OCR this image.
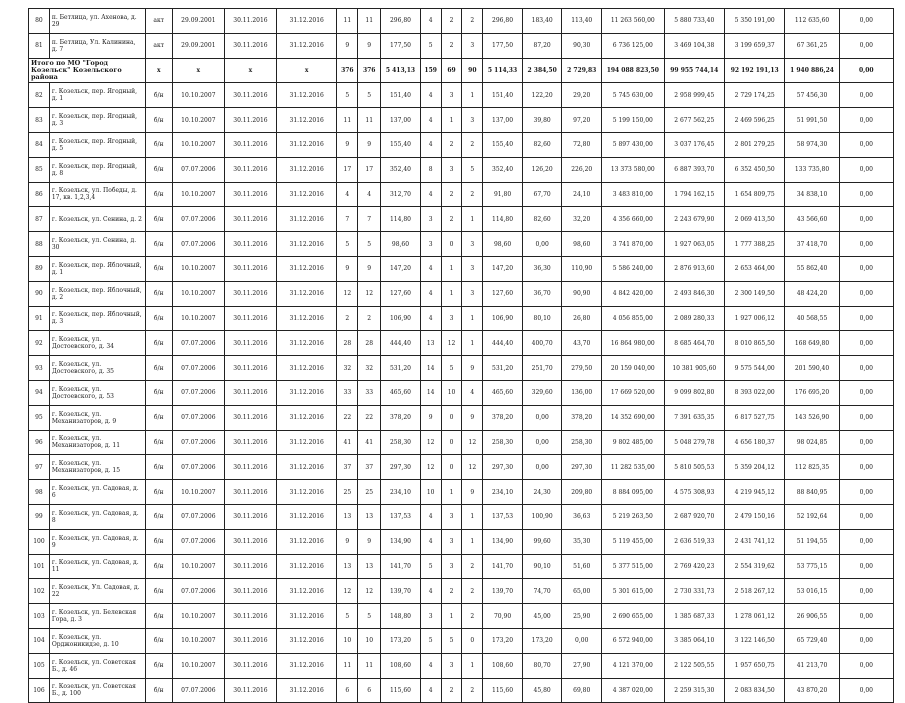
80	п. Бетлица, ул. Ахенова, д. 29	акт	29.09.2001	30.11.2016	31.12.2016	11	11	296,80	4	2	2	296,80	183,40	113,40	11 263 560,00	5 880 733,40	5 350 191,00	112 635,60	0,00
81	п. Бетлица, Ул. Калинина, д. 7	акт	29.09.2001	30.11.2016	31.12.2016	9	9	177,50	5	2	3	177,50	87,20	90,30	6 736 125,00	3 469 104,38	3 199 659,37	67 361,25	0,00
Итого по МО "Город Козельск" Козельского района		x	x	x	x	376	376	5 413,13	159	69	90	5 114,33	2 384,50	2 729,83	194 088 823,50	99 955 744,14	92 192 191,13	1 940 886,24	0,00
82	г. Козельск, пер. Ягодный, д. 1	б/н	10.10.2007	30.11.2016	31.12.2016	5	5	151,40	4	3	1	151,40	122,20	29,20	5 745 630,00	2 958 999,45	2 729 174,25	57 456,30	0,00
83	г. Козельск, пер. Ягодный, д. 3	б/н	10.10.2007	30.11.2016	31.12.2016	11	11	137,00	4	1	3	137,00	39,80	97,20	5 199 150,00	2 677 562,25	2 469 596,25	51 991,50	0,00
84	г. Козельск, пер. Ягодный, д. 5	б/н	10.10.2007	30.11.2016	31.12.2016	9	9	155,40	4	2	2	155,40	82,60	72,80	5 897 430,00	3 037 176,45	2 801 279,25	58 974,30	0,00
85	г. Козельск, пер. Ягодный, д. 8	б/н	07.07.2006	30.11.2016	31.12.2016	17	17	352,40	8	3	5	352,40	126,20	226,20	13 373 580,00	6 887 393,70	6 352 450,50	133 735,80	0,00
86	г. Козельск, ул. Победы, д. 17, кв. 1,2,3,4	б/н	10.10.2007	30.11.2016	31.12.2016	4	4	312,70	4	2	2	91,80	67,70	24,10	3 483 810,00	1 794 162,15	1 654 809,75	34 838,10	0,00
87	г. Козельск, ул. Сенина, д. 2	б/н	07.07.2006	30.11.2016	31.12.2016	7	7	114,80	3	2	1	114,80	82,60	32,20	4 356 660,00	2 243 679,90	2 069 413,50	43 566,60	0,00
88	г. Козельск, ул. Сенина, д. 30	б/н	07.07.2006	30.11.2016	31.12.2016	5	5	98,60	3	0	3	98,60	0,00	98,60	3 741 870,00	1 927 063,05	1 777 388,25	37 418,70	0,00
89	г. Козельск, пер. Яблочный, д. 1	б/н	10.10.2007	30.11.2016	31.12.2016	9	9	147,20	4	1	3	147,20	36,30	110,90	5 586 240,00	2 876 913,60	2 653 464,00	55 862,40	0,00
90	г. Козельск, пер. Яблочный, д. 2	б/н	10.10.2007	30.11.2016	31.12.2016	12	12	127,60	4	1	3	127,60	36,70	90,90	4 842 420,00	2 493 846,30	2 300 149,50	48 424,20	0,00
91	г. Козельск, пер. Яблочный, д. 3	б/н	10.10.2007	30.11.2016	31.12.2016	2	2	106,90	4	3	1	106,90	80,10	26,80	4 056 855,00	2 089 280,33	1 927 006,12	40 568,55	0,00
92	г. Козельск, ул. Достоевского, д. 34	б/н	07.07.2006	30.11.2016	31.12.2016	28	28	444,40	13	12	1	444,40	400,70	43,70	16 864 980,00	8 685 464,70	8 010 865,50	168 649,80	0,00
93	г. Козельск, ул. Достоевского, д. 35	б/н	07.07.2006	30.11.2016	31.12.2016	32	32	531,20	14	5	9	531,20	251,70	279,50	20 159 040,00	10 381 905,60	9 575 544,00	201 590,40	0,00
94	г. Козельск, ул. Достоевского, д. 53	б/н	07.07.2006	30.11.2016	31.12.2016	33	33	465,60	14	10	4	465,60	329,60	136,00	17 669 520,00	9 099 802,80	8 393 022,00	176 695,20	0,00
95	г. Козельск, ул. Механизаторов, д. 9	б/н	07.07.2006	30.11.2016	31.12.2016	22	22	378,20	9	0	9	378,20	0,00	378,20	14 352 690,00	7 391 635,35	6 817 527,75	143 526,90	0,00
96	г. Козельск, ул. Механизаторов, д. 11	б/н	07.07.2006	30.11.2016	31.12.2016	41	41	258,30	12	0	12	258,30	0,00	258,30	9 802 485,00	5 048 279,78	4 656 180,37	98 024,85	0,00
97	г. Козельск, ул. Механизаторов, д. 15	б/н	07.07.2006	30.11.2016	31.12.2016	37	37	297,30	12	0	12	297,30	0,00	297,30	11 282 535,00	5 810 505,53	5 359 204,12	112 825,35	0,00
98	г. Козельск, ул. Садовая, д. 6	б/н	10.10.2007	30.11.2016	31.12.2016	25	25	234,10	10	1	9	234,10	24,30	209,80	8 884 095,00	4 575 308,93	4 219 945,12	88 840,95	0,00
99	г. Козельск, ул. Садовая, д. 8	б/н	07.07.2006	30.11.2016	31.12.2016	13	13	137,53	4	3	1	137,53	100,90	36,63	5 219 263,50	2 687 920,70	2 479 150,16	52 192,64	0,00
100	г. Козельск, ул. Садовая, д. 9	б/н	07.07.2006	30.11.2016	31.12.2016	9	9	134,90	4	3	1	134,90	99,60	35,30	5 119 455,00	2 636 519,33	2 431 741,12	51 194,55	0,00
101	г. Козельск, ул. Садовая, д. 11	б/н	10.10.2007	30.11.2016	31.12.2016	13	13	141,70	5	3	2	141,70	90,10	51,60	5 377 515,00	2 769 420,23	2 554 319,62	53 775,15	0,00
102	г. Козельск, Ул. Садовая, д. 22	б/н	07.07.2006	30.11.2016	31.12.2016	12	12	139,70	4	2	2	139,70	74,70	65,00	5 301 615,00	2 730 331,73	2 518 267,12	53 016,15	0,00
103	г. Козельск, ул. Белевская Гора, д. 3	б/н	10.10.2007	30.11.2016	31.12.2016	5	5	148,80	3	1	2	70,90	45,00	25,90	2 690 655,00	1 385 687,33	1 278 061,12	26 906,55	0,00
104	г. Козельск, ул. Орджоникидзе, д. 10	б/н	10.10.2007	30.11.2016	31.12.2016	10	10	173,20	5	5	0	173,20	173,20	0,00	6 572 940,00	3 385 064,10	3 122 146,50	65 729,40	0,00
105	г. Козельск, ул. Советская Б., д. 46	б/н	10.10.2007	30.11.2016	31.12.2016	11	11	108,60	4	3	1	108,60	80,70	27,90	4 121 370,00	2 122 505,55	1 957 650,75	41 213,70	0,00
106	г. Козельск, ул. Советская Б., д. 100	б/н	07.07.2006	30.11.2016	31.12.2016	6	6	115,60	4	2	2	115,60	45,80	69,80	4 387 020,00	2 259 315,30	2 083 834,50	43 870,20	0,00
